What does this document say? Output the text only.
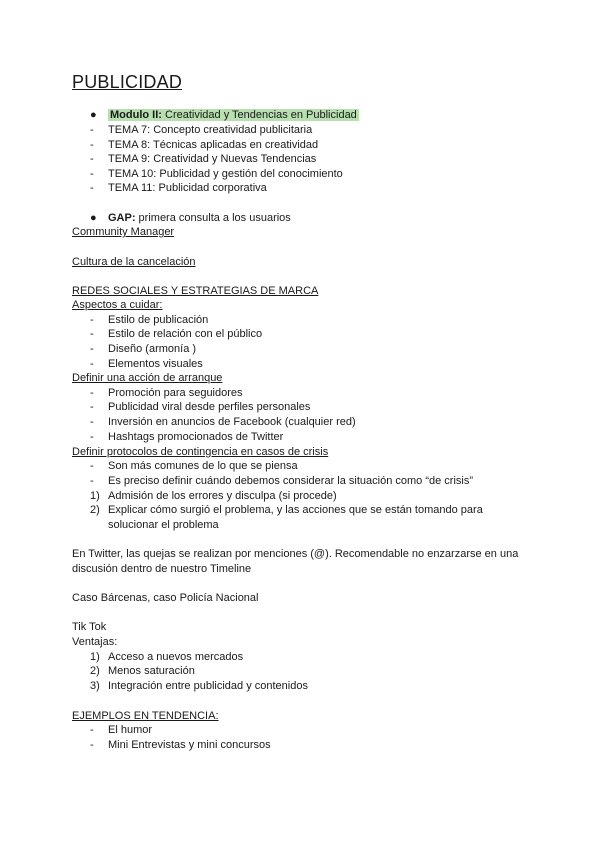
PUBLICIDAD
●	Modulo II: Creatividad y Tendencias en Publicidad
- TEMA 7: Concepto creatividad publicitaria
- TEMA 8: Técnicas aplicadas en creatividad
- TEMA 9: Creatividad y Nuevas Tendencias
- TEMA 10: Publicidad y gestión del conocimiento
- TEMA 11: Publicidad corporativa
●	GAP: primera consulta a los usuarios
Community Manager
Cultura de la cancelación
REDES SOCIALES Y ESTRATEGIAS DE MARCA
Aspectos a cuidar:
- Estilo de publicación
- Estilo de relación con el público
- Diseño (armonía )
- Elementos visuales
Definir una acción de arranque
- Promoción para seguidores
- Publicidad viral desde perfiles personales
- Inversión en anuncios de Facebook (cualquier red)
- Hashtags promocionados de Twitter
Definir protocolos de contingencia en casos de crisis
- Son más comunes de lo que se piensa
- Es preciso definir cuándo debemos considerar la situación como “de crisis”
1) Admisión de los errores y disculpa (si procede)
2) Explicar cómo surgió el problema, y las acciones que se están tomando para
solucionar el problema
En Twitter, las quejas se realizan por menciones (@). Recomendable no enzarzarse en una
discusión dentro de nuestro Timeline
Caso Bárcenas, caso Policía Nacional
Tik Tok
Ventajas:
1) Acceso a nuevos mercados
2) Menos saturación
3) Integración entre publicidad y contenidos
EJEMPLOS EN TENDENCIA:
- El humor
- Mini Entrevistas y mini concursos
